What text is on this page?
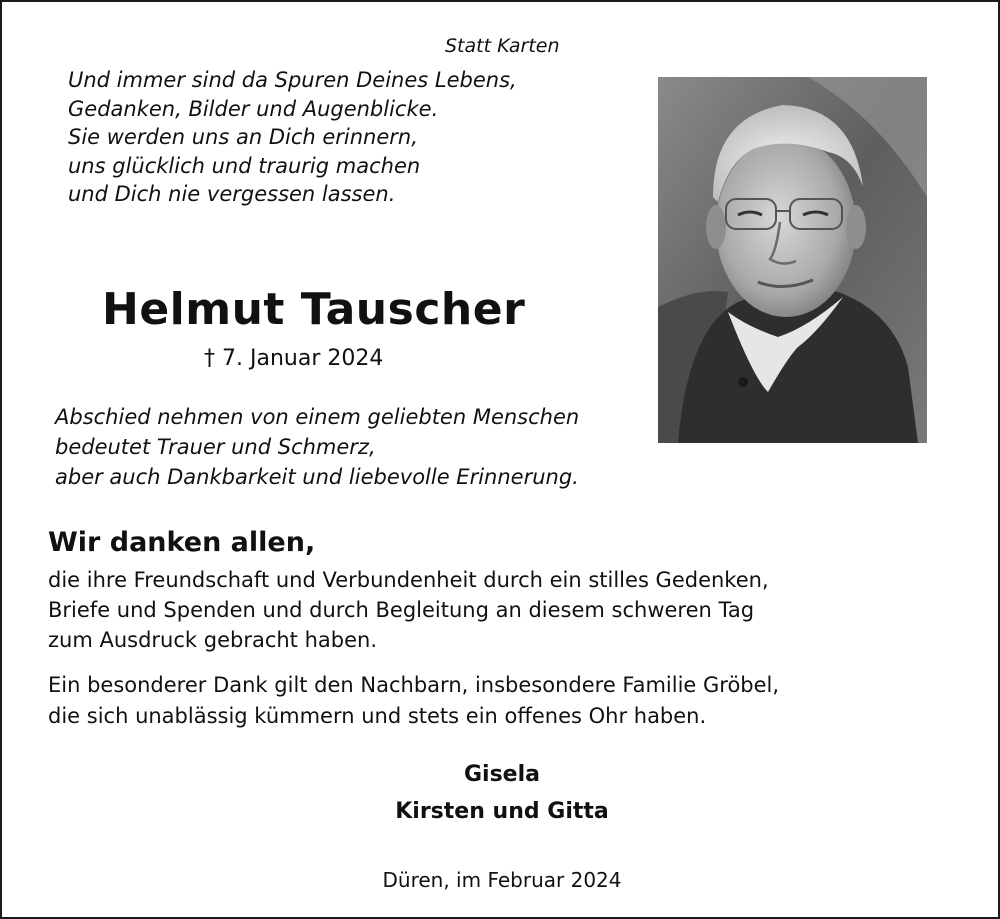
Statt Karten
Und immer sind da Spuren Deines Lebens,
Gedanken, Bilder und Augenblicke.
Sie werden uns an Dich erinnern,
uns glücklich und traurig machen
und Dich nie vergessen lassen.
Helmut Tauscher
† 7. Januar 2024
Abschied nehmen von einem geliebten Menschen
bedeutet Trauer und Schmerz,
aber auch Dankbarkeit und liebevolle Erinnerung.
Wir danken allen,
die ihre Freundschaft und Verbundenheit durch ein stilles Gedenken,
Briefe und Spenden und durch Begleitung an diesem schweren Tag
zum Ausdruck gebracht haben.
Ein besonderer Dank gilt den Nachbarn, insbesondere Familie Gröbel,
die sich unablässig kümmern und stets ein offenes Ohr haben.
Gisela
Kirsten und Gitta
Düren, im Februar 2024
